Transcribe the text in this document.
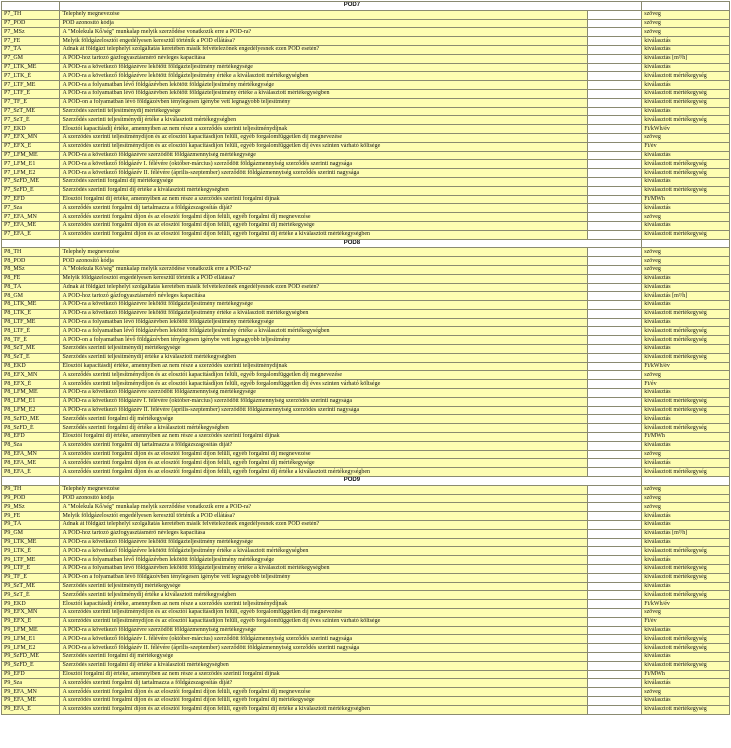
	POD7		
P7_TH	Telephely megnevezése		szöveg
P7_POD	POD azonosító kódja		szöveg
P7_MSz	A "Molekula Kő/ség" munkalap melyik szerződése vonatkozik erre a POD-ra?		szöveg
P7_FE	Melyik földgázelosztói engedélyesen keresztül történik a POD ellátása?		kiválasztás
P7_TÁ	Adnak át földgázt telephelyi szolgáltatás keretében másik felvételezőnek engedélyesnek ezen POD esetén?		kiválasztás
P7_GM	A POD-hoz tartozó gázfogyasztásmérő névleges kapacitása		kiválasztás [m³/h]
P7_LTK_ME	A POD-ra a következő földgázévre lekötött földgázteljesítmény mértékegysége		kiválasztás
P7_LTK_É	A POD-ra a következő földgázévre lekötött földgázteljesítmény értéke a kiválasztott mértékegységben		kiválasztott mértékegység
P7_LTF_ME	A POD-ra a folyamatban lévő földgázévben lekötött földgázteljesítmény mértékegysége		kiválasztás
P7_LTF_É	A POD-ra a folyamatban lévő földgázévben lekötött földgázteljesítmény értéke a kiválasztott mértékegységben		kiválasztott mértékegység
P7_TF_É	A POD-on a folyamatban lévő földgázévben ténylegesen igénybe vett legnagyobb teljesítmény		kiválasztott mértékegység
P7_SzT_ME	Szerződés szerinti teljesítménydíj mértékegysége		kiválasztás
P7_SzT_É	Szerződés szerinti teljesítménydíj értéke a kiválasztott mértékegységben		kiválasztott mértékegység
P7_EKD	Elosztói kapacitásdíj értéke, amennyiben az nem része a szerződés szerinti teljesítménydíjnak		Ft/kWh/év
P7_EFX_MN	A szerződés szerinti teljesítménydíjon és az elosztói kapacitásdíjon felüli, egyéb forgalomfüggetlen díj megnevezése		szöveg
P7_EFX_É	A szerződés szerinti teljesítménydíjon és az elosztói kapacitásdíjon felüli, egyéb forgalomfüggetlen díj éves szinten várható költsége		Ft/év
P7_LFM_ME	A POD-ra a következő földgázévre szerződött földgázmennyiség mértékegysége		kiválasztás
P7_LFM_E1	A POD-ra a következő földgázév I. félévére (október-március) szerződött földgázmennyiség szerződés szerinti nagysága		kiválasztott mértékegység
P7_LFM_E2	A POD-ra a következő földgázév II. félévére (április-szeptember) szerződött földgázmennyiség szerződés szerinti nagysága		kiválasztott mértékegység
P7_SzFD_ME	Szerződés szerinti forgalmi díj mértékegysége		kiválasztás
P7_SzFD_É	Szerződés szerinti forgalmi díj értéke a kiválasztott mértékegységben		kiválasztott mértékegység
P7_EFD	Elosztói forgalmi díj értéke, amennyiben az nem része a szerződés szerinti forgalmi díjnak		Ft/MWh
P7_Sza	A szerződés szerinti forgalmi díj tartalmazza a földgázszagosítás díját?		kiválasztás
P7_EFA_MN	A szerződés szerinti forgalmi díjon és az elosztói forgalmi díjon felüli, egyéb forgalmi díj megnevezése		szöveg
P7_EFA_ME	A szerződés szerinti forgalmi díjon és az elosztói forgalmi díjon felüli, egyéb forgalmi díj mértékegysége		kiválasztás
P7_EFA_É	A szerződés szerinti forgalmi díjon és az elosztói forgalmi díjon felüli, egyéb forgalmi díj értéke a kiválasztott mértékegységben		kiválasztott mértékegység
	POD8		
P8_TH	Telephely megnevezése		szöveg
P8_POD	POD azonosító kódja		szöveg
P8_MSz	A "Molekula Kő/ség" munkalap melyik szerződése vonatkozik erre a POD-ra?		szöveg
P8_FE	Melyik földgázelosztói engedélyesen keresztül történik a POD ellátása?		kiválasztás
P8_TÁ	Adnak át földgázt telephelyi szolgáltatás keretében másik felvételezőnek engedélyesnek ezen POD esetén?		kiválasztás
P8_GM	A POD-hoz tartozó gázfogyasztásmérő névleges kapacitása		kiválasztás [m³/h]
P8_LTK_ME	A POD-ra a következő földgázévre lekötött földgázteljesítmény mértékegysége		kiválasztás
P8_LTK_É	A POD-ra a következő földgázévre lekötött földgázteljesítmény értéke a kiválasztott mértékegységben		kiválasztott mértékegység
P8_LTF_ME	A POD-ra a folyamatban lévő földgázévben lekötött földgázteljesítmény mértékegysége		kiválasztás
P8_LTF_É	A POD-ra a folyamatban lévő földgázévben lekötött földgázteljesítmény értéke a kiválasztott mértékegységben		kiválasztott mértékegység
P8_TF_É	A POD-on a folyamatban lévő földgázévben ténylegesen igénybe vett legnagyobb teljesítmény		kiválasztott mértékegység
P8_SzT_ME	Szerződés szerinti teljesítménydíj mértékegysége		kiválasztás
P8_SzT_É	Szerződés szerinti teljesítménydíj értéke a kiválasztott mértékegységben		kiválasztott mértékegység
P8_EKD	Elosztói kapacitásdíj értéke, amennyiben az nem része a szerződés szerinti teljesítménydíjnak		Ft/kWh/év
P8_EFX_MN	A szerződés szerinti teljesítménydíjon és az elosztói kapacitásdíjon felüli, egyéb forgalomfüggetlen díj megnevezése		szöveg
P8_EFX_É	A szerződés szerinti teljesítménydíjon és az elosztói kapacitásdíjon felüli, egyéb forgalomfüggetlen díj éves szinten várható költsége		Ft/év
P8_LFM_ME	A POD-ra a következő földgázévre szerződött földgázmennyiség mértékegysége		kiválasztás
P8_LFM_E1	A POD-ra a következő földgázév I. félévére (október-március) szerződött földgázmennyiség szerződés szerinti nagysága		kiválasztott mértékegység
P8_LFM_E2	A POD-ra a következő földgázév II. félévére (április-szeptember) szerződött földgázmennyiség szerződés szerinti nagysága		kiválasztott mértékegység
P8_SzFD_ME	Szerződés szerinti forgalmi díj mértékegysége		kiválasztás
P8_SzFD_É	Szerződés szerinti forgalmi díj értéke a kiválasztott mértékegységben		kiválasztott mértékegység
P8_EFD	Elosztói forgalmi díj értéke, amennyiben az nem része a szerződés szerinti forgalmi díjnak		Ft/MWh
P8_Sza	A szerződés szerinti forgalmi díj tartalmazza a földgázszagosítás díját?		kiválasztás
P8_EFA_MN	A szerződés szerinti forgalmi díjon és az elosztói forgalmi díjon felüli, egyéb forgalmi díj megnevezése		szöveg
P8_EFA_ME	A szerződés szerinti forgalmi díjon és az elosztói forgalmi díjon felüli, egyéb forgalmi díj mértékegysége		kiválasztás
P8_EFA_É	A szerződés szerinti forgalmi díjon és az elosztói forgalmi díjon felüli, egyéb forgalmi díj értéke a kiválasztott mértékegységben		kiválasztott mértékegység
	POD9		
P9_TH	Telephely megnevezése		szöveg
P9_POD	POD azonosító kódja		szöveg
P9_MSz	A "Molekula Kő/ség" munkalap melyik szerződése vonatkozik erre a POD-ra?		szöveg
P9_FE	Melyik földgázelosztói engedélyesen keresztül történik a POD ellátása?		kiválasztás
P9_TÁ	Adnak át földgázt telephelyi szolgáltatás keretében másik felvételezőnek engedélyesnek ezen POD esetén?		kiválasztás
P9_GM	A POD-hoz tartozó gázfogyasztásmérő névleges kapacitása		kiválasztás [m³/h]
P9_LTK_ME	A POD-ra a következő földgázévre lekötött földgázteljesítmény mértékegysége		kiválasztás
P9_LTK_É	A POD-ra a következő földgázévre lekötött földgázteljesítmény értéke a kiválasztott mértékegységben		kiválasztott mértékegység
P9_LTF_ME	A POD-ra a folyamatban lévő földgázévben lekötött földgázteljesítmény mértékegysége		kiválasztás
P9_LTF_É	A POD-ra a folyamatban lévő földgázévben lekötött földgázteljesítmény értéke a kiválasztott mértékegységben		kiválasztott mértékegység
P9_TF_É	A POD-on a folyamatban lévő földgázévben ténylegesen igénybe vett legnagyobb teljesítmény		kiválasztott mértékegység
P9_SzT_ME	Szerződés szerinti teljesítménydíj mértékegysége		kiválasztás
P9_SzT_É	Szerződés szerinti teljesítménydíj értéke a kiválasztott mértékegységben		kiválasztott mértékegység
P9_EKD	Elosztói kapacitásdíj értéke, amennyiben az nem része a szerződés szerinti teljesítménydíjnak		Ft/kWh/év
P9_EFX_MN	A szerződés szerinti teljesítménydíjon és az elosztói kapacitásdíjon felüli, egyéb forgalomfüggetlen díj megnevezése		szöveg
P9_EFX_É	A szerződés szerinti teljesítménydíjon és az elosztói kapacitásdíjon felüli, egyéb forgalomfüggetlen díj éves szinten várható költsége		Ft/év
P9_LFM_ME	A POD-ra a következő földgázévre szerződött földgázmennyiség mértékegysége		kiválasztás
P9_LFM_E1	A POD-ra a következő földgázév I. félévére (október-március) szerződött földgázmennyiség szerződés szerinti nagysága		kiválasztott mértékegység
P9_LFM_E2	A POD-ra a következő földgázév II. félévére (április-szeptember) szerződött földgázmennyiség szerződés szerinti nagysága		kiválasztott mértékegység
P9_SzFD_ME	Szerződés szerinti forgalmi díj mértékegysége		kiválasztás
P9_SzFD_É	Szerződés szerinti forgalmi díj értéke a kiválasztott mértékegységben		kiválasztott mértékegység
P9_EFD	Elosztói forgalmi díj értéke, amennyiben az nem része a szerződés szerinti forgalmi díjnak		Ft/MWh
P9_Sza	A szerződés szerinti forgalmi díj tartalmazza a földgázszagosítás díját?		kiválasztás
P9_EFA_MN	A szerződés szerinti forgalmi díjon és az elosztói forgalmi díjon felüli, egyéb forgalmi díj megnevezése		szöveg
P9_EFA_ME	A szerződés szerinti forgalmi díjon és az elosztói forgalmi díjon felüli, egyéb forgalmi díj mértékegysége		kiválasztás
P9_EFA_É	A szerződés szerinti forgalmi díjon és az elosztói forgalmi díjon felüli, egyéb forgalmi díj értéke a kiválasztott mértékegységben		kiválasztott mértékegység
